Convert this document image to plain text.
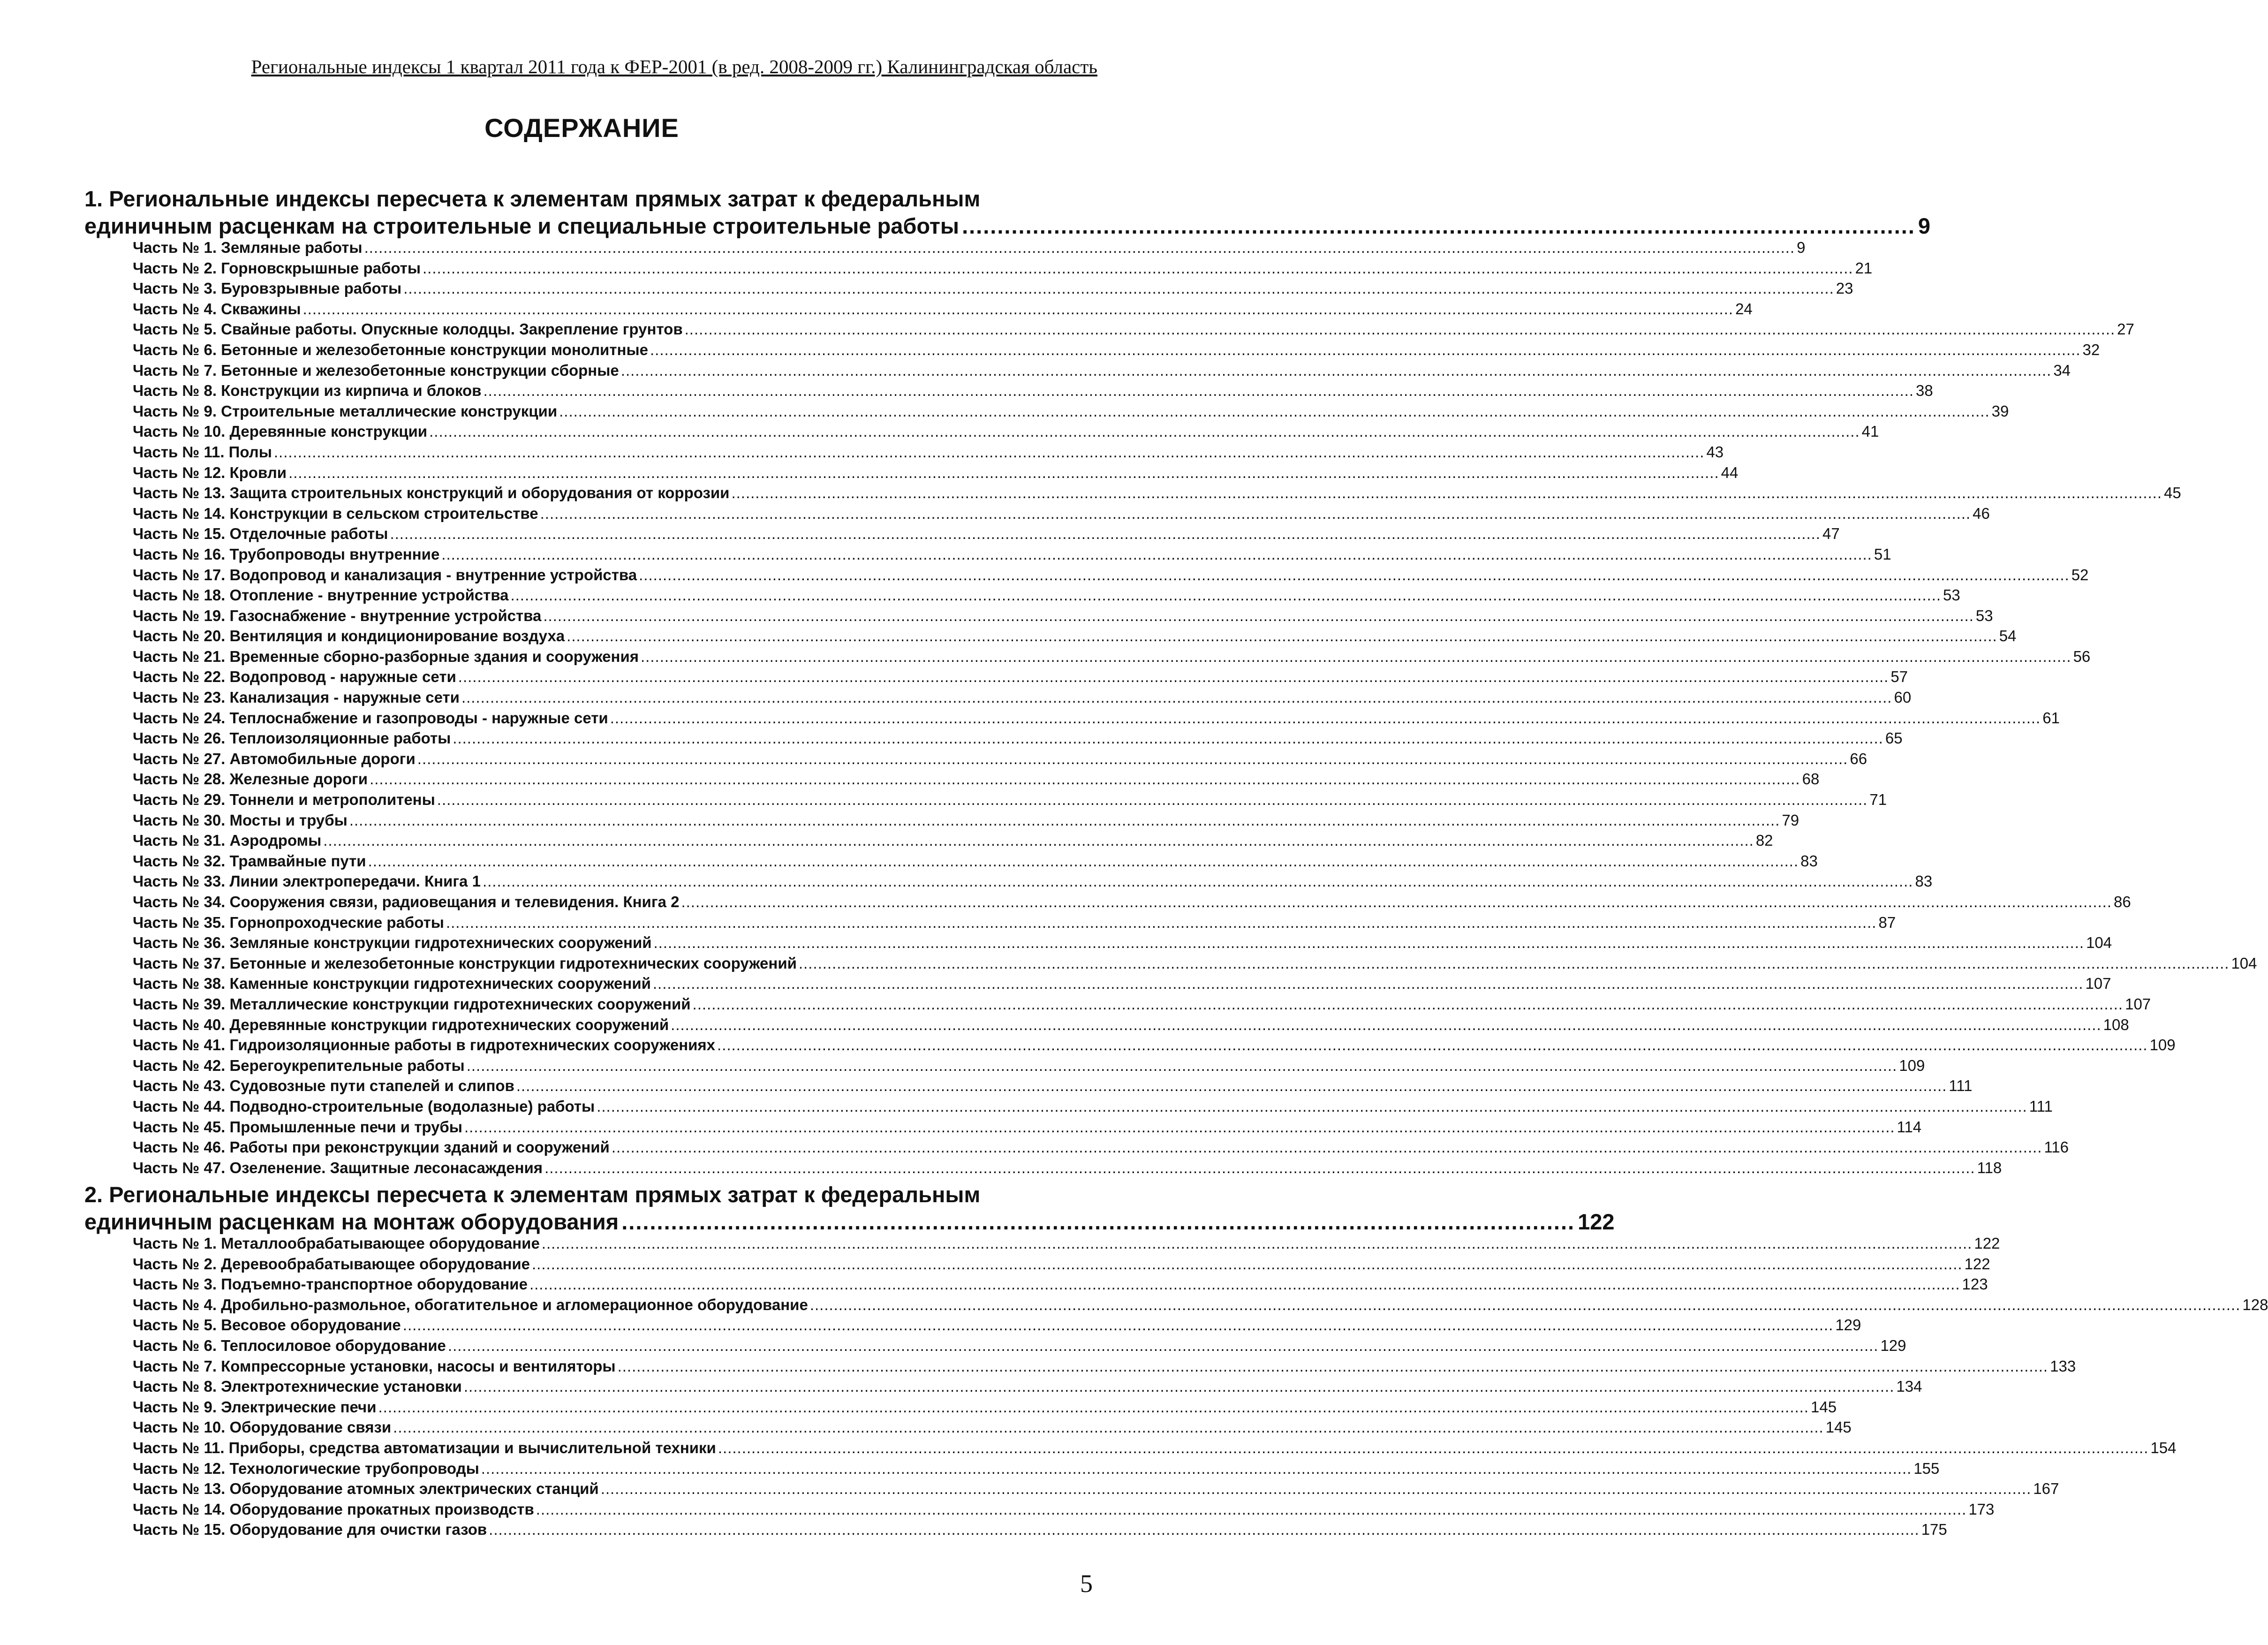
Региональные индексы 1 квартал 2011 года к ФЕР-2001 (в ред. 2008-2009 гг.) Калининградская область
СОДЕРЖАНИЕ
1. Региональные индексы пересчета к элементам прямых затрат к федеральным
единичным расценкам на строительные и специальные строительные работы ....................................................................................................................................... 9
Часть № 1. Земляные работы ............................................................................................................................................................................................................................................................................................................ 9
Часть № 2. Горновскрышные работы ............................................................................................................................................................................................................................................................................................................ 21
Часть № 3. Буровзрывные работы ............................................................................................................................................................................................................................................................................................................ 23
Часть № 4. Скважины ............................................................................................................................................................................................................................................................................................................ 24
Часть № 5. Свайные работы. Опускные колодцы. Закрепление грунтов ............................................................................................................................................................................................................................................................................................................ 27
Часть № 6. Бетонные и железобетонные конструкции монолитные ............................................................................................................................................................................................................................................................................................................ 32
Часть № 7. Бетонные и железобетонные конструкции сборные ............................................................................................................................................................................................................................................................................................................ 34
Часть № 8. Конструкции из кирпича и блоков ............................................................................................................................................................................................................................................................................................................ 38
Часть № 9. Строительные металлические конструкции ............................................................................................................................................................................................................................................................................................................ 39
Часть № 10. Деревянные конструкции ............................................................................................................................................................................................................................................................................................................ 41
Часть № 11. Полы ............................................................................................................................................................................................................................................................................................................ 43
Часть № 12. Кровли ............................................................................................................................................................................................................................................................................................................ 44
Часть № 13. Защита строительных конструкций и оборудования от коррозии ............................................................................................................................................................................................................................................................................................................ 45
Часть № 14. Конструкции в сельском строительстве ............................................................................................................................................................................................................................................................................................................ 46
Часть № 15. Отделочные работы ............................................................................................................................................................................................................................................................................................................ 47
Часть № 16. Трубопроводы внутренние ............................................................................................................................................................................................................................................................................................................ 51
Часть № 17. Водопровод и канализация - внутренние устройства ............................................................................................................................................................................................................................................................................................................ 52
Часть № 18. Отопление - внутренние устройства ............................................................................................................................................................................................................................................................................................................ 53
Часть № 19. Газоснабжение - внутренние устройства ............................................................................................................................................................................................................................................................................................................ 53
Часть № 20. Вентиляция и кондиционирование воздуха ............................................................................................................................................................................................................................................................................................................ 54
Часть № 21. Временные сборно-разборные здания и сооружения ............................................................................................................................................................................................................................................................................................................ 56
Часть № 22. Водопровод - наружные сети ............................................................................................................................................................................................................................................................................................................ 57
Часть № 23. Канализация - наружные сети ............................................................................................................................................................................................................................................................................................................ 60
Часть № 24. Теплоснабжение и газопроводы - наружные сети ............................................................................................................................................................................................................................................................................................................ 61
Часть № 26. Теплоизоляционные работы ............................................................................................................................................................................................................................................................................................................ 65
Часть № 27. Автомобильные дороги ............................................................................................................................................................................................................................................................................................................ 66
Часть № 28. Железные дороги ............................................................................................................................................................................................................................................................................................................ 68
Часть № 29. Тоннели и метрополитены ............................................................................................................................................................................................................................................................................................................ 71
Часть № 30. Мосты и трубы ............................................................................................................................................................................................................................................................................................................ 79
Часть № 31. Аэродромы ............................................................................................................................................................................................................................................................................................................ 82
Часть № 32. Трамвайные пути ............................................................................................................................................................................................................................................................................................................ 83
Часть № 33. Линии электропередачи. Книга 1 ............................................................................................................................................................................................................................................................................................................ 83
Часть № 34. Сооружения связи, радиовещания и телевидения. Книга 2 ............................................................................................................................................................................................................................................................................................................ 86
Часть № 35. Горнопроходческие работы ............................................................................................................................................................................................................................................................................................................ 87
Часть № 36. Земляные конструкции гидротехнических сооружений ............................................................................................................................................................................................................................................................................................................ 104
Часть № 37. Бетонные и железобетонные конструкции гидротехнических сооружений ............................................................................................................................................................................................................................................................................................................ 104
Часть № 38. Каменные конструкции гидротехнических сооружений ............................................................................................................................................................................................................................................................................................................ 107
Часть № 39. Металлические конструкции гидротехнических сооружений ............................................................................................................................................................................................................................................................................................................ 107
Часть № 40. Деревянные конструкции гидротехнических сооружений ............................................................................................................................................................................................................................................................................................................ 108
Часть № 41. Гидроизоляционные работы в гидротехнических сооружениях ............................................................................................................................................................................................................................................................................................................ 109
Часть № 42. Берегоукрепительные работы ............................................................................................................................................................................................................................................................................................................ 109
Часть № 43. Судовозные пути стапелей и слипов ............................................................................................................................................................................................................................................................................................................ 111
Часть № 44. Подводно-строительные (водолазные) работы ............................................................................................................................................................................................................................................................................................................ 111
Часть № 45. Промышленные печи и трубы ............................................................................................................................................................................................................................................................................................................ 114
Часть № 46. Работы при реконструкции зданий и сооружений ............................................................................................................................................................................................................................................................................................................ 116
Часть № 47. Озеленение. Защитные лесонасаждения ............................................................................................................................................................................................................................................................................................................ 118
2. Региональные индексы пересчета к элементам прямых затрат к федеральным
единичным расценкам на монтаж оборудования ....................................................................................................................................... 122
Часть № 1. Металлообрабатывающее оборудование ............................................................................................................................................................................................................................................................................................................ 122
Часть № 2. Деревообрабатывающее оборудование ............................................................................................................................................................................................................................................................................................................ 122
Часть № 3. Подъемно-транспортное оборудование ............................................................................................................................................................................................................................................................................................................ 123
Часть № 4. Дробильно-размольное, обогатительное и агломерационное оборудование ............................................................................................................................................................................................................................................................................................................ 128
Часть № 5. Весовое оборудование ............................................................................................................................................................................................................................................................................................................ 129
Часть № 6. Теплосиловое оборудование ............................................................................................................................................................................................................................................................................................................ 129
Часть № 7. Компрессорные установки, насосы и вентиляторы ............................................................................................................................................................................................................................................................................................................ 133
Часть № 8. Электротехнические установки ............................................................................................................................................................................................................................................................................................................ 134
Часть № 9. Электрические печи ............................................................................................................................................................................................................................................................................................................ 145
Часть № 10. Оборудование связи ............................................................................................................................................................................................................................................................................................................ 145
Часть № 11. Приборы, средства автоматизации и вычислительной техники ............................................................................................................................................................................................................................................................................................................ 154
Часть № 12. Технологические трубопроводы ............................................................................................................................................................................................................................................................................................................ 155
Часть № 13. Оборудование атомных электрических станций ............................................................................................................................................................................................................................................................................................................ 167
Часть № 14. Оборудование прокатных производств ............................................................................................................................................................................................................................................................................................................ 173
Часть № 15. Оборудование для очистки газов ............................................................................................................................................................................................................................................................................................................ 175
5
